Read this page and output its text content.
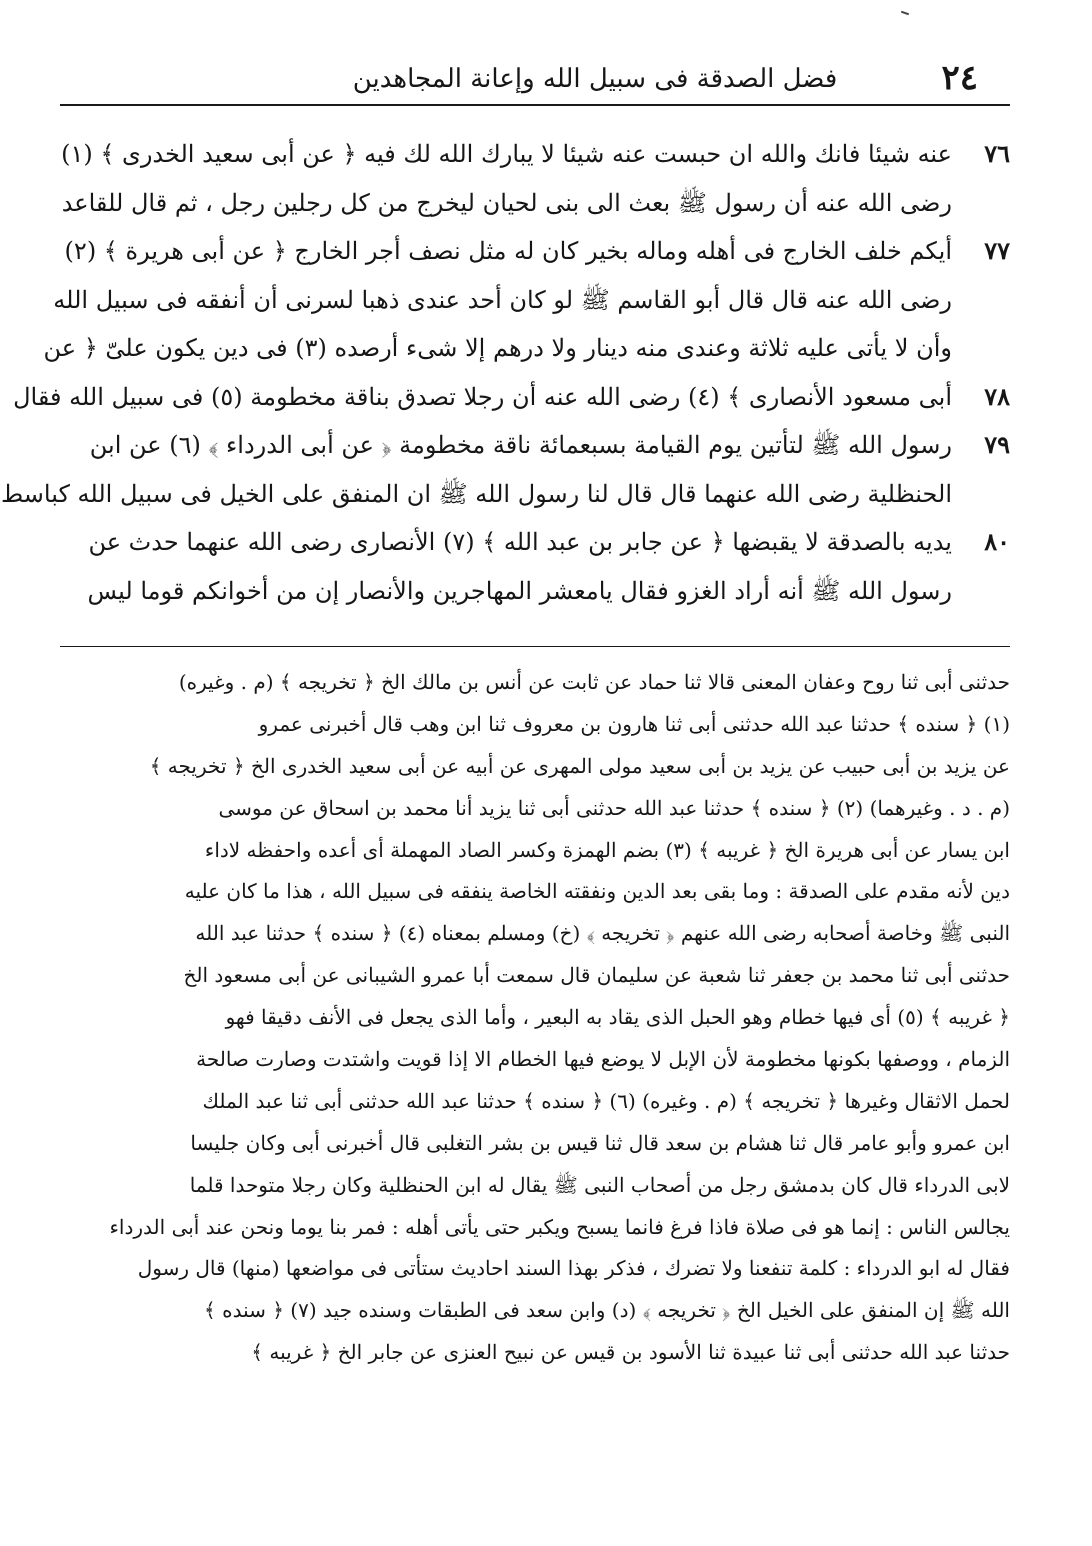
٢٤
فضل الصدقة فى سبيل الله وإعانة المجاهدين
٧٦
عنه شيئا فانك والله ان حبست عنه شيئا لا يبارك الله لك فيه ﴿ عن أبى سعيد الخدرى ﴾ (١)
رضى الله عنه أن رسول ﷺ بعث الى بنى لحيان ليخرج من كل رجلين رجل ، ثم قال للقاعد
٧٧
أيكم خلف الخارج فى أهله وماله بخير كان له مثل نصف أجر الخارج ﴿ عن أبى هريرة ﴾ (٢)
رضى الله عنه قال قال أبو القاسم ﷺ لو كان أحد عندى ذهبا لسرنى أن أنفقه فى سبيل الله
وأن لا يأتى عليه ثلاثة وعندى منه دينار ولا درهم إلا شىء أرصده (٣) فى دين يكون علىّ ﴿ عن
٧٨
أبى مسعود الأنصارى ﴾ (٤) رضى الله عنه أن رجلا تصدق بناقة مخطومة (٥) فى سبيل الله فقال
٧٩
رسول الله ﷺ لتأتين يوم القيامة بسبعمائة ناقة مخطومة ﴿ عن أبى الدرداء ﴾ (٦) عن ابن
الحنظلية رضى الله عنهما قال قال لنا رسول الله ﷺ ان المنفق على الخيل فى سبيل الله كباسط
٨٠
يديه بالصدقة لا يقبضها ﴿ عن جابر بن عبد الله ﴾ (٧) الأنصارى رضى الله عنهما حدث عن
رسول الله ﷺ أنه أراد الغزو فقال يامعشر المهاجرين والأنصار إن من أخوانكم قوما ليس
حدثنى أبى ثنا روح وعفان المعنى قالا ثنا حماد عن ثابت عن أنس بن مالك الخ ﴿ تخريجه ﴾ (م . وغيره)
(١) ﴿ سنده ﴾ حدثنا عبد الله حدثنى أبى ثنا هارون بن معروف ثنا ابن وهب قال أخبرنى عمرو
عن يزيد بن أبى حبيب عن يزيد بن أبى سعيد مولى المهرى عن أبيه عن أبى سعيد الخدرى الخ ﴿ تخريجه ﴾
(م . د . وغيرهما) (٢) ﴿ سنده ﴾ حدثنا عبد الله حدثنى أبى ثنا يزيد أنا محمد بن اسحاق عن موسى
ابن يسار عن أبى هريرة الخ ﴿ غريبه ﴾ (٣) بضم الهمزة وكسر الصاد المهملة أى أعده واحفظه لاداء
دين لأنه مقدم على الصدقة : وما بقى بعد الدين ونفقته الخاصة ينفقه فى سبيل الله ، هذا ما كان عليه
النبى ﷺ وخاصة أصحابه رضى الله عنهم ﴿ تخريجه ﴾ (خ) ومسلم بمعناه (٤) ﴿ سنده ﴾ حدثنا عبد الله
حدثنى أبى ثنا محمد بن جعفر ثنا شعبة عن سليمان قال سمعت أبا عمرو الشيبانى عن أبى مسعود الخ
﴿ غريبه ﴾ (٥) أى فيها خطام وهو الحبل الذى يقاد به البعير ، وأما الذى يجعل فى الأنف دقيقا فهو
الزمام ، ووصفها بكونها مخطومة لأن الإبل لا يوضع فيها الخطام الا إذا قويت واشتدت وصارت صالحة
لحمل الاثقال وغيرها ﴿ تخريجه ﴾ (م . وغيره) (٦) ﴿ سنده ﴾ حدثنا عبد الله حدثنى أبى ثنا عبد الملك
ابن عمرو وأبو عامر قال ثنا هشام بن سعد قال ثنا قيس بن بشر التغلبى قال أخبرنى أبى وكان جليسا
لابى الدرداء قال كان بدمشق رجل من أصحاب النبى ﷺ يقال له ابن الحنظلية وكان رجلا متوحدا قلما
يجالس الناس : إنما هو فى صلاة فاذا فرغ فانما يسبح ويكبر حتى يأتى أهله : فمر بنا يوما ونحن عند أبى الدرداء
فقال له ابو الدرداء : كلمة تنفعنا ولا تضرك ، فذكر بهذا السند احاديث ستأتى فى مواضعها (منها) قال رسول
الله ﷺ إن المنفق على الخيل الخ ﴿ تخريجه ﴾ (د) وابن سعد فى الطبقات وسنده جيد (٧) ﴿ سنده ﴾
حدثنا عبد الله حدثنى أبى ثنا عبيدة ثنا الأسود بن قيس عن نبيح العنزى عن جابر الخ ﴿ غريبه ﴾
